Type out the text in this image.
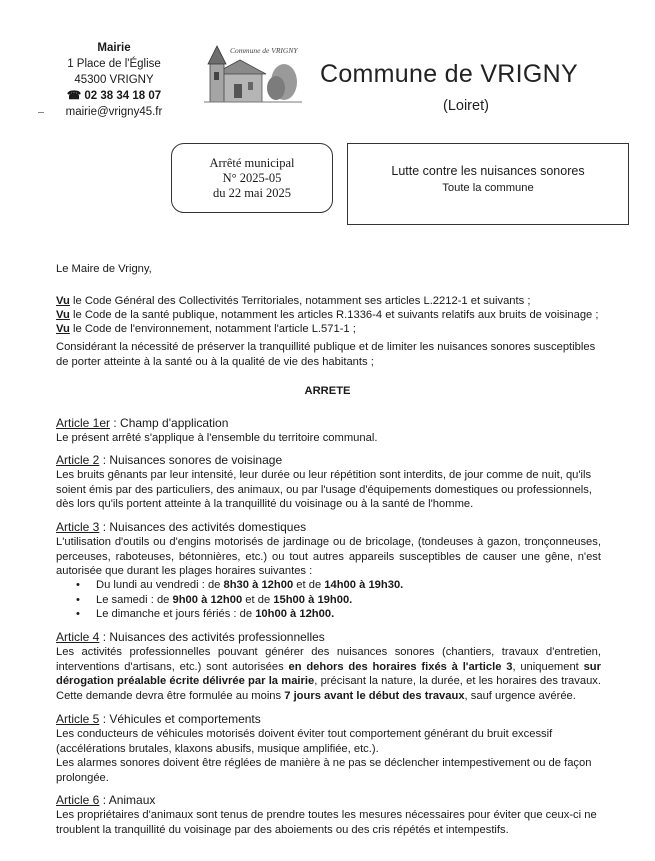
Mairie
1 Place de l'Église
45300 VRIGNY
☎ 02 38 34 18 07
mairie@vrigny45.fr
Commune de VRIGNY
Commune de VRIGNY
(Loiret)
Arrêté municipal
N° 2025-05
du 22 mai 2025
Lutte contre les nuisances sonores
Toute la commune
Le Maire de Vrigny,
Vu le Code Général des Collectivités Territoriales, notamment ses articles L.2212-1 et suivants ;
Vu le Code de la santé publique, notamment les articles R.1336-4 et suivants relatifs aux bruits de voisinage ;
Vu le Code de l'environnement, notamment l'article L.571-1 ;
Considérant la nécessité de préserver la tranquillité publique et de limiter les nuisances sonores susceptibles de porter atteinte à la santé ou à la qualité de vie des habitants ;
ARRETE
Article 1er : Champ d'application
Le présent arrêté s'applique à l'ensemble du territoire communal.
Article 2 : Nuisances sonores de voisinage
Les bruits gênants par leur intensité, leur durée ou leur répétition sont interdits, de jour comme de nuit, qu'ils soient émis par des particuliers, des animaux, ou par l'usage d'équipements domestiques ou professionnels, dès lors qu'ils portent atteinte à la tranquillité du voisinage ou à la santé de l'homme.
Article 3 : Nuisances des activités domestiques
L'utilisation d'outils ou d'engins motorisés de jardinage ou de bricolage, (tondeuses à gazon, tronçonneuses, perceuses, raboteuses, bétonnières, etc.) ou tout autres appareils susceptibles de causer une gêne, n'est autorisée que durant les plages horaires suivantes :
• Du lundi au vendredi : de 8h30 à 12h00 et de 14h00 à 19h30.
• Le samedi : de 9h00 à 12h00 et de 15h00 à 19h00.
• Le dimanche et jours fériés : de 10h00 à 12h00.
Article 4 : Nuisances des activités professionnelles
Les activités professionnelles pouvant générer des nuisances sonores (chantiers, travaux d'entretien, interventions d'artisans, etc.) sont autorisées en dehors des horaires fixés à l'article 3, uniquement sur dérogation préalable écrite délivrée par la mairie, précisant la nature, la durée, et les horaires des travaux. Cette demande devra être formulée au moins 7 jours avant le début des travaux, sauf urgence avérée.
Article 5 : Véhicules et comportements
Les conducteurs de véhicules motorisés doivent éviter tout comportement générant du bruit excessif (accélérations brutales, klaxons abusifs, musique amplifiée, etc.).
Les alarmes sonores doivent être réglées de manière à ne pas se déclencher intempestivement ou de façon prolongée.
Article 6 : Animaux
Les propriétaires d'animaux sont tenus de prendre toutes les mesures nécessaires pour éviter que ceux-ci ne troublent la tranquillité du voisinage par des aboiements ou des cris répétés et intempestifs.
